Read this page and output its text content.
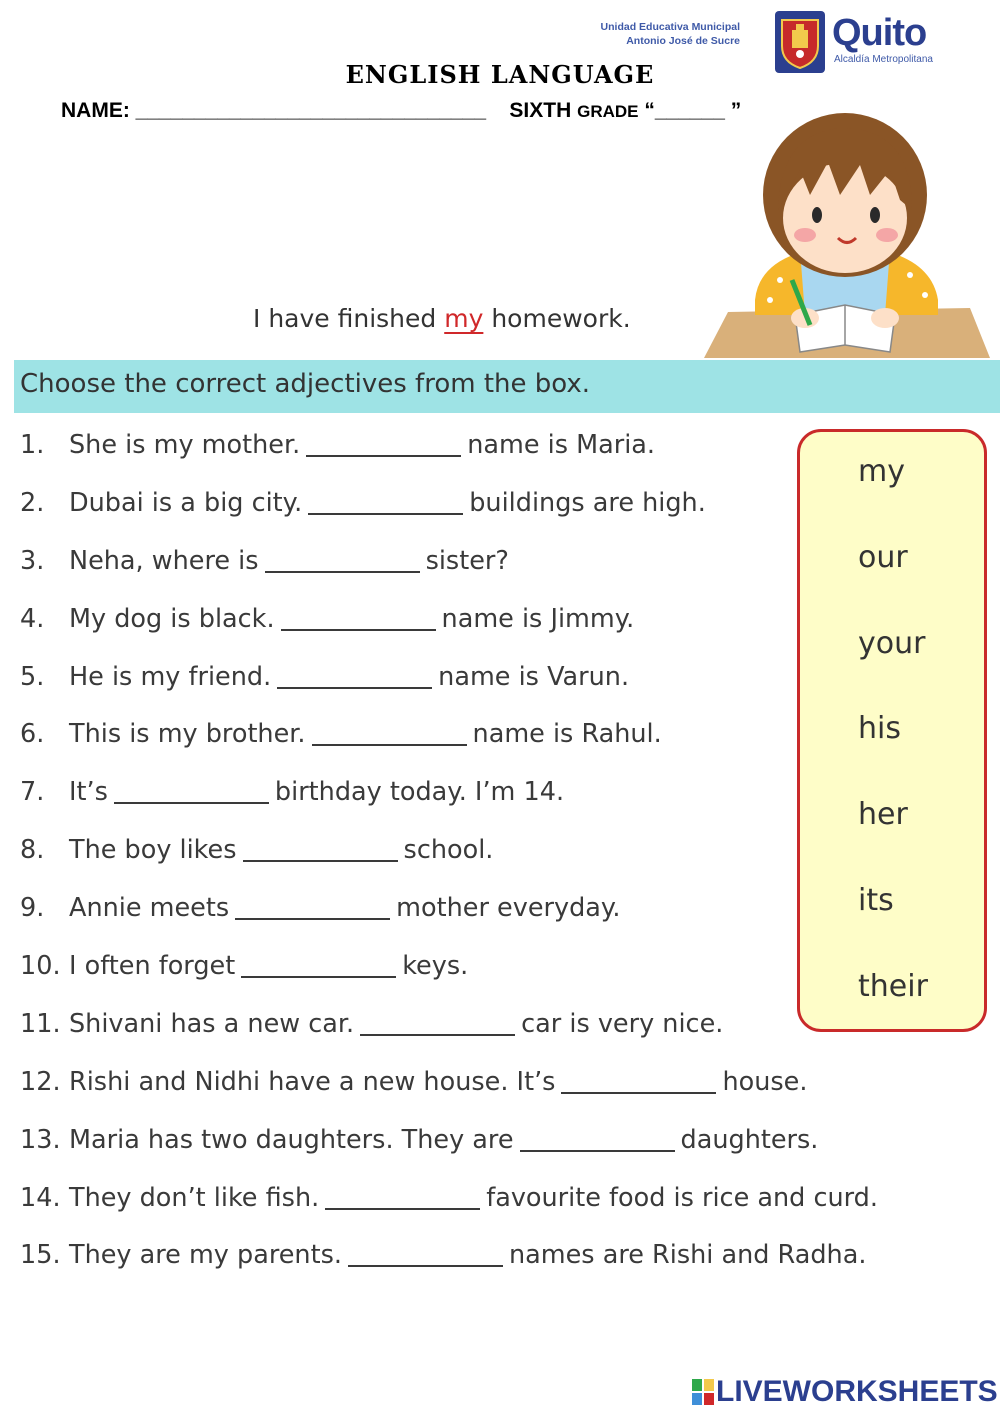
Unidad Educativa Municipal
Antonio José de Sucre Quito
Alcaldía Metropolitana
ENGLISH LANGUAGE
NAME: ______________________________ SIXTH GRADE “______ ”
I have finished my homework.
Choose the correct adjectives from the box.
1. She is my mother.	name is Maria.
2. Dubai is a big city.	buildings are high.
3. Neha, where is	sister?
4. My dog is black.	name is Jimmy.
5. He is my friend.	name is Varun.
6. This is my brother.	name is Rahul.
7. It’s	birthday today. I’m 14.
8. The boy likes	school.
9. Annie meets	mother everyday.
10. I often forget	keys.
11. Shivani has a new car.	car is very nice.
12. Rishi and Nidhi have a new house. It’s	house.
13. Maria has two daughters. They are	daughters.
14. They don’t like fish.	favourite food is rice and curd.
15. They are my parents.	names are Rishi and Radha.
my
our
your
his
her
its
their
LIVEWORKSHEETS
